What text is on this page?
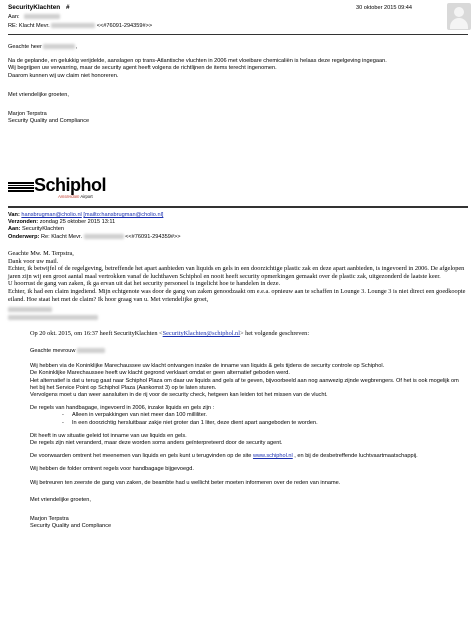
SecurityKlachten #	30 oktober 2015 09:44
Aan:
RE: Klacht Mevr.	<<#76091-294359#>>
Geachte heer	,
Na de geplande, en gelukkig verijdelde, aanslagen op trans-Atlantische vluchten in 2006 met vloeibare chemicaliën is helaas deze regelgeving ingegaan.
Wij begrijpen uw verwarring, maar de security agent heeft volgens de richtlijnen de items terecht ingenomen.
Daarom kunnen wij uw claim niet honoreren.
Met vriendelijke groeten,
Marjon Terpstra
Security Quality and Compliance
Schiphol
Amsterdam Airport
Van: hansbrugman@cholio.nl [mailto:hansbrugman@cholio.nl]
Verzonden: zondag 25 oktober 2015 13:11
Aan: SecurityKlachten
Onderwerp: Re: Klacht Mevr.	<<#76091-294359#>>
Geachte Mw. M. Terpstra,
Dank voor uw mail.
Echter, ik betwijfel of de regelgeving, betreffende het apart aanbieden van liquids en gels in een doorzichtige plastic zak en deze apart aanbieden, is ingevoerd in 2006. De afgelopen jaren zijn wij een groot aantal maal vertrokken vanaf de luchthaven Schiphol en nooit heeft security opmerkingen gemaakt over de plastic zak, uitgezonderd de laatste keer.
U hoorrust de gang van zaken, ik ga ervan uit dat het security personeel is ingelicht hoe te handelen in deze.
Echter, ik had een claim ingediend. Mijn echtgenote was door de gang van zaken genoodzaakt om e.e.a. opnieuw aan te schaffen in Lounge 3. Lounge 3 is niet direct een goedkoopte eiland. Hoe staat het met de claim? Ik hoor graag van u. Met vriendelijke groet,
Op 20 okt. 2015, om 16:37 heeft SecurityKlachten <SecurityKlachten@schiphol.nl> het volgende geschreven:
Geachte mevrouw
Wij hebben via de Koninklijke Marechaussee uw klacht ontvangen inzake de inname van liquids & gels tijdens de security controle op Schiphol.
De Koninklijke Marechaussee heeft uw klacht gegrond verklaart omdat er geen alternatief geboden werd.
Het alternatief is dat u terug gaat naar Schiphol Plaza om daar uw liquids and gels af te geven, bijvoorbeeld aan nog aanwezig zijnde wegbrengers. Of het is ook mogelijk om het bij het Service Point op Schiphol Plaza (Aankomst 3) op te laten sturen.
Vervolgens moet u dan weer aansluiten in de rij voor de security check, hetgeen kan leiden tot het missen van de vlucht.
De regels van handbagage, ingevoerd in 2006, inzake liquids en gels zijn :
- Alleen in verpakkingen van niet meer dan 100 milliliter.
- In een doorzichtig hersluitbaar zakje niet groter dan 1 liter, deze dient apart aangeboden te worden.
Dit heeft in uw situatie geleid tot inname van uw liquids en gels.
De regels zijn niet veranderd, maar deze worden soms anders geïnterpreteerd door de security agent.
De voorwaarden omtrent het meenemen van liquids en gels kunt u terugvinden op de site www.schiphol.nl , en bij de desbetreffende luchtvaartmaatschappij.
Wij hebben de folder omtrent regels voor handbagage bijgevoegd.
Wij betreuren ten zeerste de gang van zaken, de beambte had u wellicht beter moeten informeren over de reden van inname.
Met vriendelijke groeten,
Marjon Terpstra
Security Quality and Compliance
